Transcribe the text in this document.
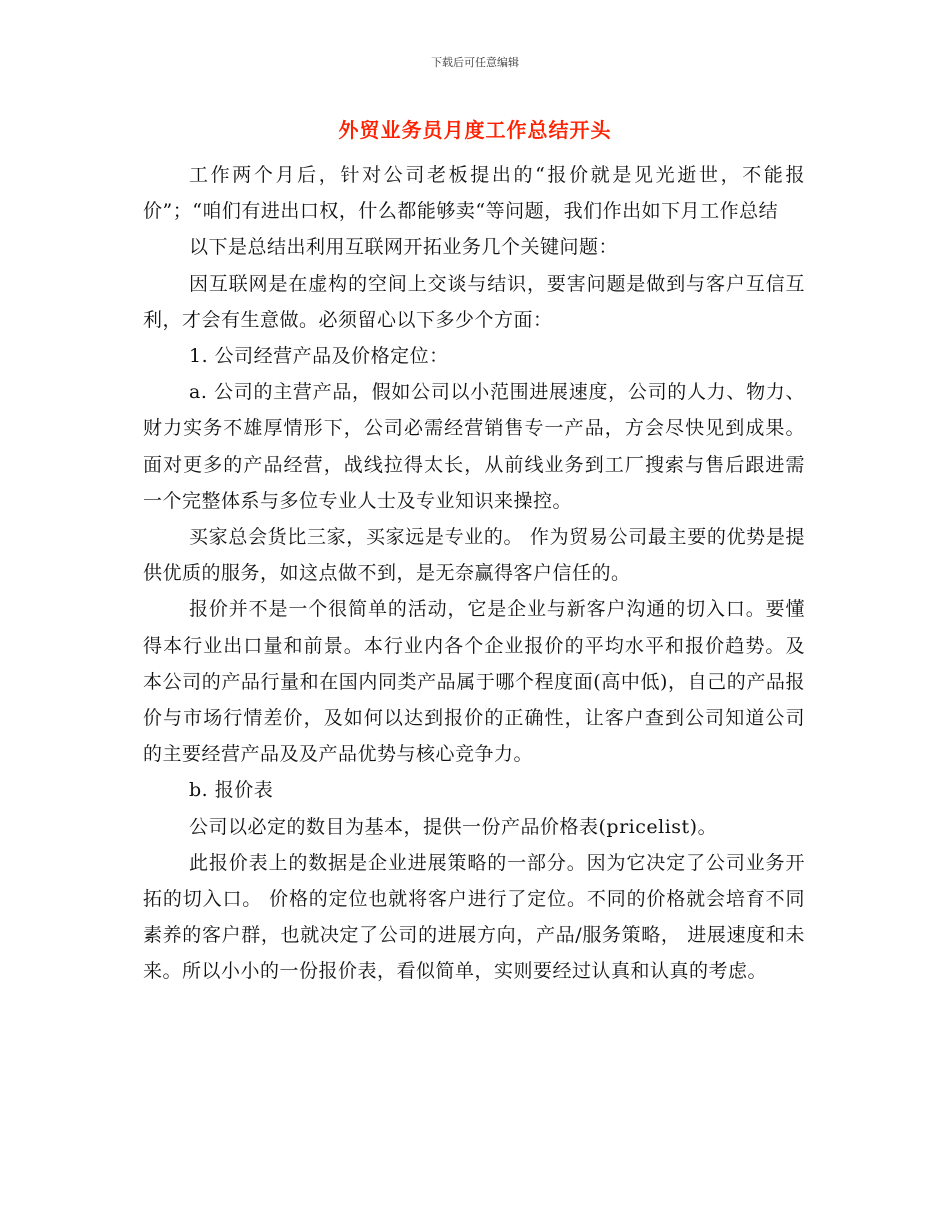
下载后可任意编辑
外贸业务员月度工作总结开头

工作两个月后，针对公司老板提出的“报价就是见光逝世，不能报价”；“咱们有进出口权，什么都能够卖“等问题，我们作出如下月工作总结

以下是总结出利用互联网开拓业务几个关键问题：

因互联网是在虚构的空间上交谈与结识，要害问题是做到与客户互信互利，才会有生意做。必须留心以下多少个方面：

1. 公司经营产品及价格定位：

a. 公司的主营产品，假如公司以小范围进展速度，公司的人力、物力、财力实务不雄厚情形下，公司必需经营销售专一产品，方会尽快见到成果。面对更多的产品经营，战线拉得太长，从前线业务到工厂搜索与售后跟进需一个完整体系与多位专业人士及专业知识来操控。

买家总会货比三家，买家远是专业的。 作为贸易公司最主要的优势是提供优质的服务，如这点做不到，是无奈赢得客户信任的。

报价并不是一个很简单的活动，它是企业与新客户沟通的切入口。要懂得本行业出口量和前景。本行业内各个企业报价的平均水平和报价趋势。及本公司的产品行量和在国内同类产品属于哪个程度面(高中低)，自己的产品报价与市场行情差价，及如何以达到报价的正确性，让客户查到公司知道公司的主要经营产品及及产品优势与核心竞争力。

b. 报价表

公司以必定的数目为基本，提供一份产品价格表(pricelist)。

此报价表上的数据是企业进展策略的一部分。因为它决定了公司业务开拓的切入口。 价格的定位也就将客户进行了定位。不同的价格就会培育不同素养的客户群，也就决定了公司的进展方向，产品/服务策略， 进展速度和未来。所以小小的一份报价表，看似简单，实则要经过认真和认真的考虑。
